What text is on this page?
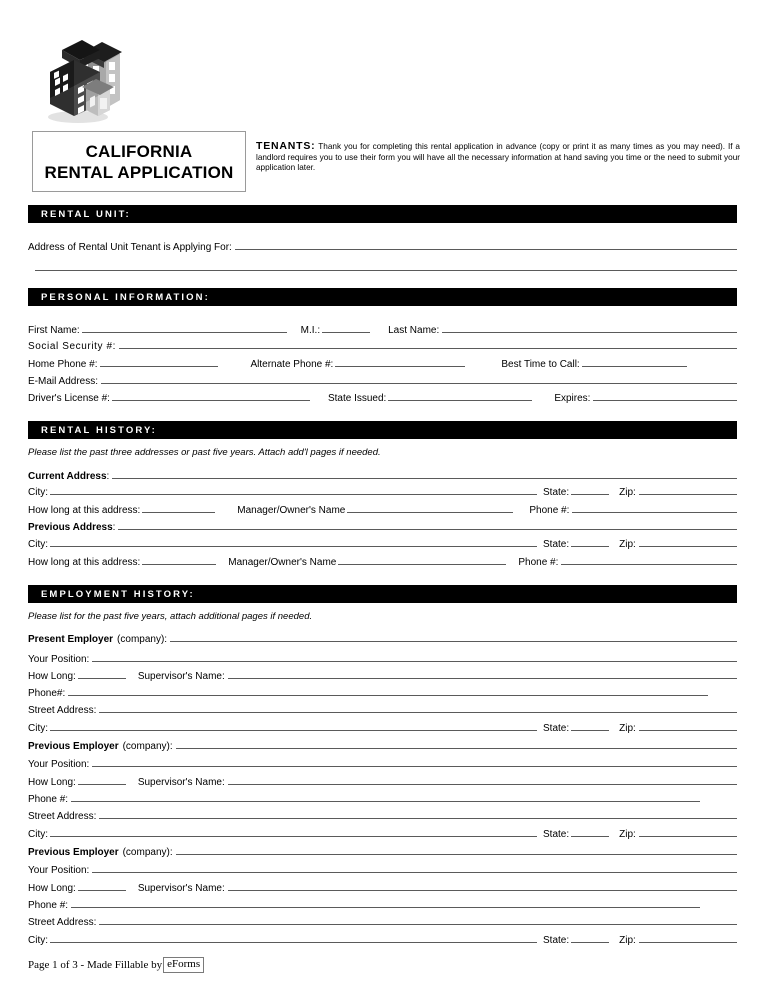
CALIFORNIA
RENTAL APPLICATION
TENANTS: Thank you for completing this rental application in advance (copy or print it as many times as you may need). If a landlord requires you to use their form you will have all the necessary information at hand saving you time or the need to submit your application later.
RENTAL UNIT:
Address of Rental Unit Tenant is Applying For:
PERSONAL INFORMATION:
First Name:	M.I.:	Last Name:
Social Security #:
Home Phone #:	Alternate Phone #:	Best Time to Call:
E-Mail Address:
Driver's License #:	State Issued:	Expires:
RENTAL HISTORY:
Please list the past three addresses or past five years. Attach add'l pages if needed.
Current Address :
City:	State:	Zip:
How long at this address:	Manager/Owner's Name	Phone #:
Previous Address :
City:	State:	Zip:
How long at this address:	Manager/Owner's Name	Phone #:
EMPLOYMENT HISTORY:
Please list for the past five years, attach additional pages if needed.
Present Employer (company):
Your Position:
How Long:	Supervisor's Name:
Phone#:
Street Address:
City:	State:	Zip:
Previous Employer (company):
Your Position:
How Long:	Supervisor's Name:
Phone #:
Street Address:
City:	State:	Zip:
Previous Employer (company):
Your Position:
How Long:	Supervisor's Name:
Phone #:
Street Address:
City:	State:	Zip:
Page 1 of 3 - Made Fillable by eForms
